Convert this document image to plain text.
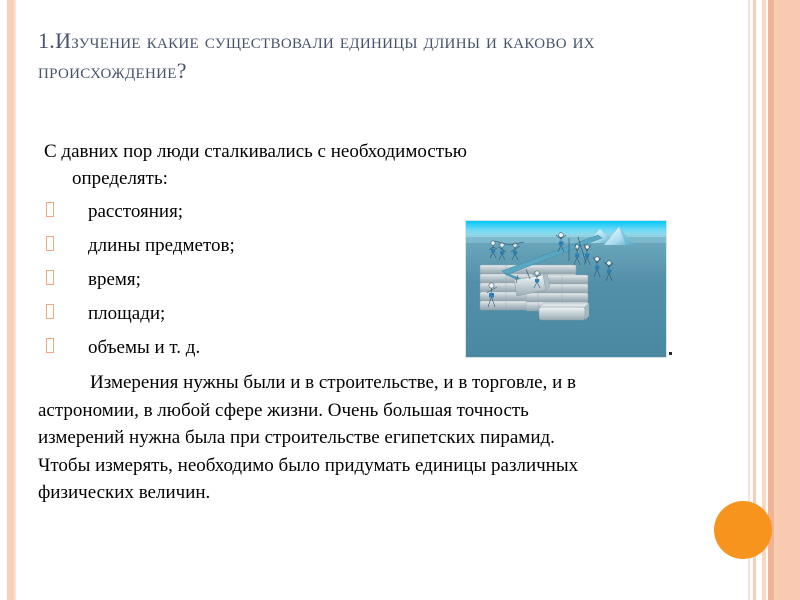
1.Изучение какие существовали единицы длины и каково их происхождение?

С давних пор люди сталкивались с необходимостью
определять:

расстояния;
длины предметов;
время;
площади;
объемы и т. д.

Измерения нужны были и в строительстве, и в торговле, и в астрономии, в любой сфере жизни. Очень большая точность измерений нужна была при строительстве египетских пирамид. Чтобы измерять, необходимо было придумать единицы различных физических величин.
